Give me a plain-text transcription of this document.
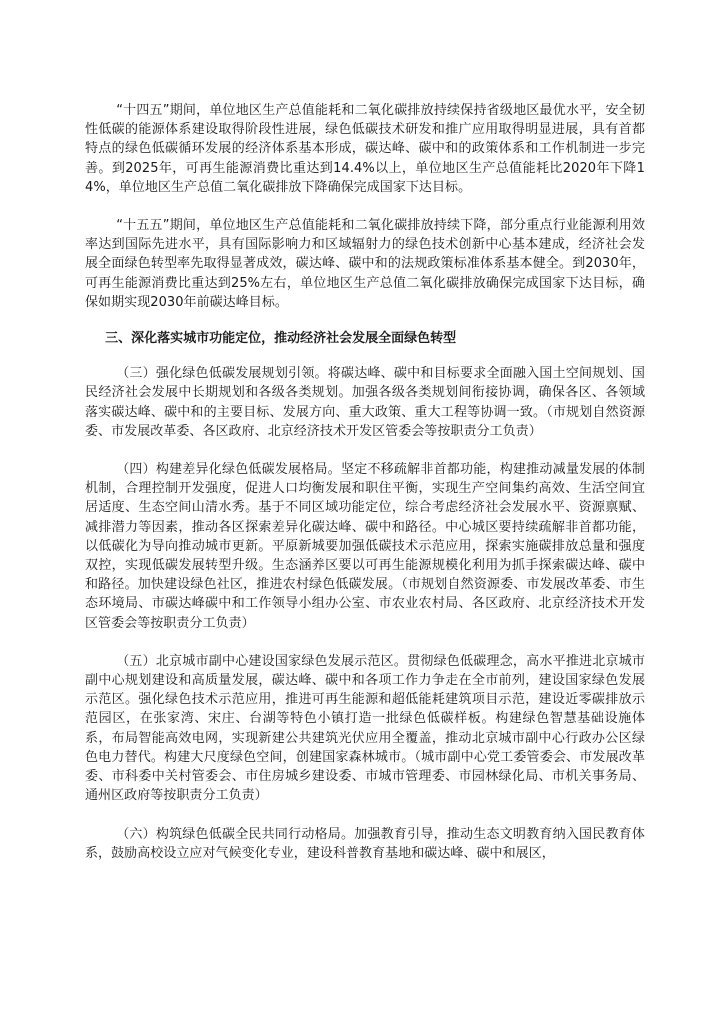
“十四五”期间，单位地区生产总值能耗和二氧化碳排放持续保持省级地区最优水平，安全韧性低碳的能源体系建设取得阶段性进展，绿色低碳技术研发和推广应用取得明显进展，具有首都特点的绿色低碳循环发展的经济体系基本形成，碳达峰、碳中和的政策体系和工作机制进一步完善。到2025年，可再生能源消费比重达到14.4%以上，单位地区生产总值能耗比2020年下降14%，单位地区生产总值二氧化碳排放下降确保完成国家下达目标。

“十五五”期间，单位地区生产总值能耗和二氧化碳排放持续下降，部分重点行业能源利用效率达到国际先进水平，具有国际影响力和区域辐射力的绿色技术创新中心基本建成，经济社会发展全面绿色转型率先取得显著成效，碳达峰、碳中和的法规政策标准体系基本健全。到2030年，可再生能源消费比重达到25%左右，单位地区生产总值二氧化碳排放确保完成国家下达目标，确保如期实现2030年前碳达峰目标。

三、深化落实城市功能定位，推动经济社会发展全面绿色转型

（三）强化绿色低碳发展规划引领。将碳达峰、碳中和目标要求全面融入国土空间规划、国民经济社会发展中长期规划和各级各类规划。加强各级各类规划间衔接协调，确保各区、各领域落实碳达峰、碳中和的主要目标、发展方向、重大政策、重大工程等协调一致。（市规划自然资源委、市发展改革委、各区政府、北京经济技术开发区管委会等按职责分工负责）

（四）构建差异化绿色低碳发展格局。坚定不移疏解非首都功能，构建推动减量发展的体制机制，合理控制开发强度，促进人口均衡发展和职住平衡，实现生产空间集约高效、生活空间宜居适度、生态空间山清水秀。基于不同区域功能定位，综合考虑经济社会发展水平、资源禀赋、减排潜力等因素，推动各区探索差异化碳达峰、碳中和路径。中心城区要持续疏解非首都功能，以低碳化为导向推动城市更新。平原新城要加强低碳技术示范应用，探索实施碳排放总量和强度双控，实现低碳发展转型升级。生态涵养区要以可再生能源规模化利用为抓手探索碳达峰、碳中和路径。加快建设绿色社区，推进农村绿色低碳发展。（市规划自然资源委、市发展改革委、市生态环境局、市碳达峰碳中和工作领导小组办公室、市农业农村局、各区政府、北京经济技术开发区管委会等按职责分工负责）

（五）北京城市副中心建设国家绿色发展示范区。贯彻绿色低碳理念，高水平推进北京城市副中心规划建设和高质量发展，碳达峰、碳中和各项工作力争走在全市前列，建设国家绿色发展示范区。强化绿色技术示范应用，推进可再生能源和超低能耗建筑项目示范，建设近零碳排放示范园区，在张家湾、宋庄、台湖等特色小镇打造一批绿色低碳样板。构建绿色智慧基础设施体系，布局智能高效电网，实现新建公共建筑光伏应用全覆盖，推动北京城市副中心行政办公区绿色电力替代。构建大尺度绿色空间，创建国家森林城市。（城市副中心党工委管委会、市发展改革委、市科委中关村管委会、市住房城乡建设委、市城市管理委、市园林绿化局、市机关事务局、通州区政府等按职责分工负责）

（六）构筑绿色低碳全民共同行动格局。加强教育引导，推动生态文明教育纳入国民教育体系，鼓励高校设立应对气候变化专业，建设科普教育基地和碳达峰、碳中和展区，
